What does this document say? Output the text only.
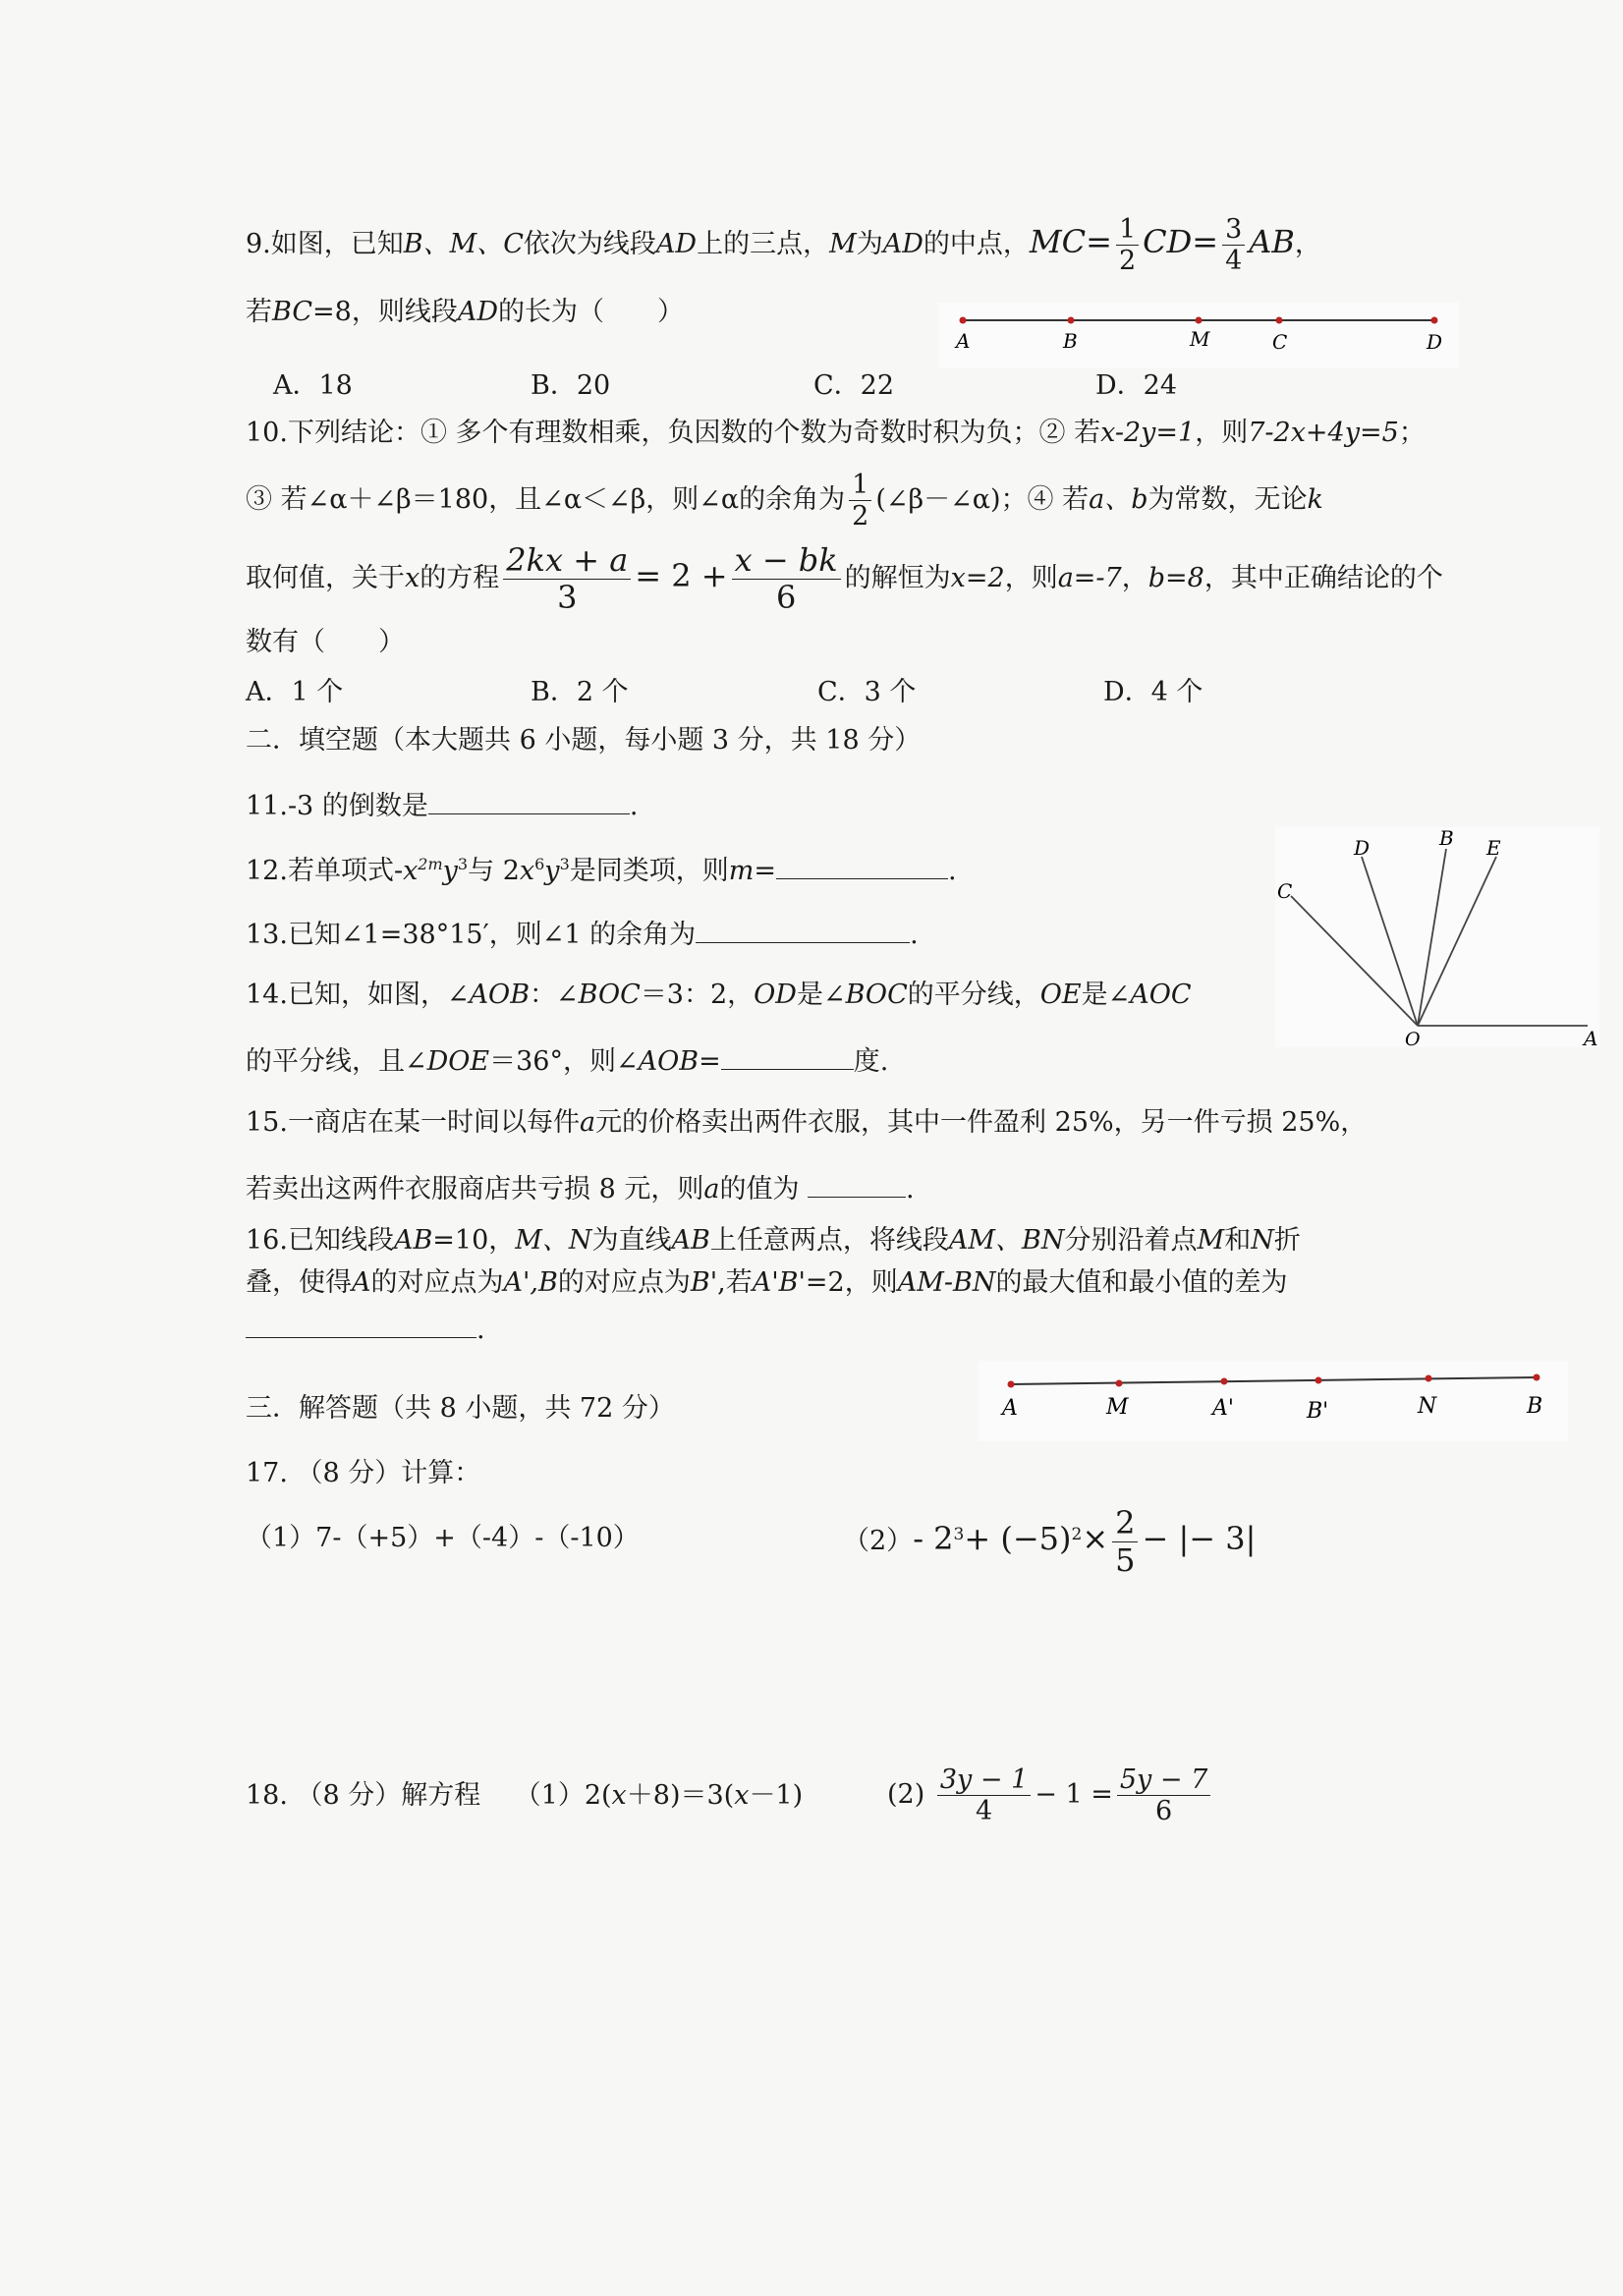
9.如图，已知B、M、C依次为线段AD上的三点，M为AD的中点，$MC= \frac{1}{2} CD= \frac{3}{4}$ AB，
若BC=8，则线段AD的长为（　　）
A	B	M	C	D
A．18	B．20	C．22	D．24
10.下列结论：① 多个有理数相乘，负因数的个数为奇数时积为负；② 若x-2y=1，则7-2x+4y=5；
③ 若∠α＋∠β＝180，且∠α＜∠β，则∠α的余角为 $\frac{1}{2}$ (∠β－∠α)；④ 若a、b为常数，无论k
取何值，关于x的方程 $\frac{2kx + a}{3} = 2 + \frac{x - bk}{6}$ 的解恒为x=2，则a=-7，b=8，其中正确结论的个
数有（　　）
A．1 个	B．2 个	C．3 个	D．4 个
二．填空题（本大题共 6 小题，每小题 3 分，共 18 分）
11.-3 的倒数是	.
12.若单项式$-x^{2m}y^3$与 $2x^6y^3$是同类项，则m=	.
13.已知∠1=38°15′，则∠1 的余角为	.
D	B E
C
O	A
14.已知，如图，∠AOB：∠BOC＝3：2，OD是∠BOC的平分线，OE是∠AOC
的平分线，且∠DOE＝36°，则∠AOB=	度.
15.一商店在某一时间以每件a元的价格卖出两件衣服，其中一件盈利 25%，另一件亏损 25%，
若卖出这两件衣服商店共亏损 8 元，则a的值为	.
16.已知线段AB=10，M、N为直线AB上任意两点，将线段AM、BN分别沿着点M和N折
叠，使得A的对应点为A',B的对应点为B',若A'B'=2，则AM-BN的最大值和最小值的差为
.
A	M	A'	B'	N	B
三．解答题（共 8 小题，共 72 分）
17. （8 分）计算：
（1）7-（+5）+（-4）-（-10）	（2）- $2^3+ (-5)^2\times \frac{2}{5}$ − |− 3|
18. （8 分）解方程 （1）2(x＋8)＝3(x－1)	$(2) \frac{3y - 1}{4} - 1 = \frac{5y - 7}{6}$
